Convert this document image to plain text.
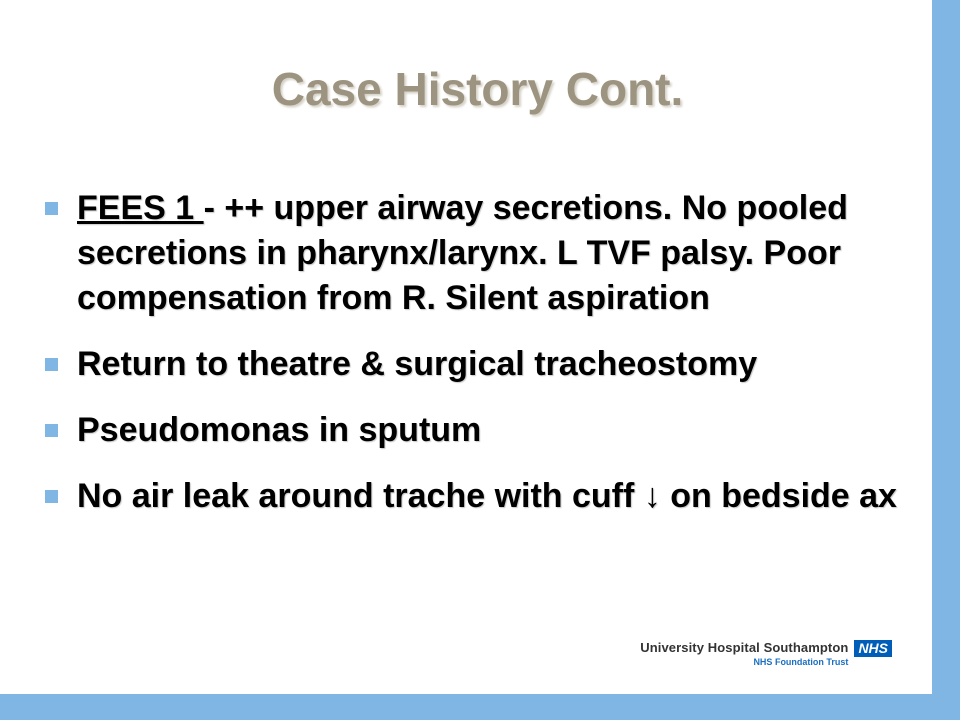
Case History Cont.
FEES 1 - ++ upper airway secretions. No pooled secretions in pharynx/larynx. L TVF palsy. Poor compensation from R. Silent aspiration
Return to theatre & surgical tracheostomy
Pseudomonas in sputum
No air leak around trache with cuff ↓ on bedside ax
University Hospital Southampton
NHS Foundation Trust
NHS
